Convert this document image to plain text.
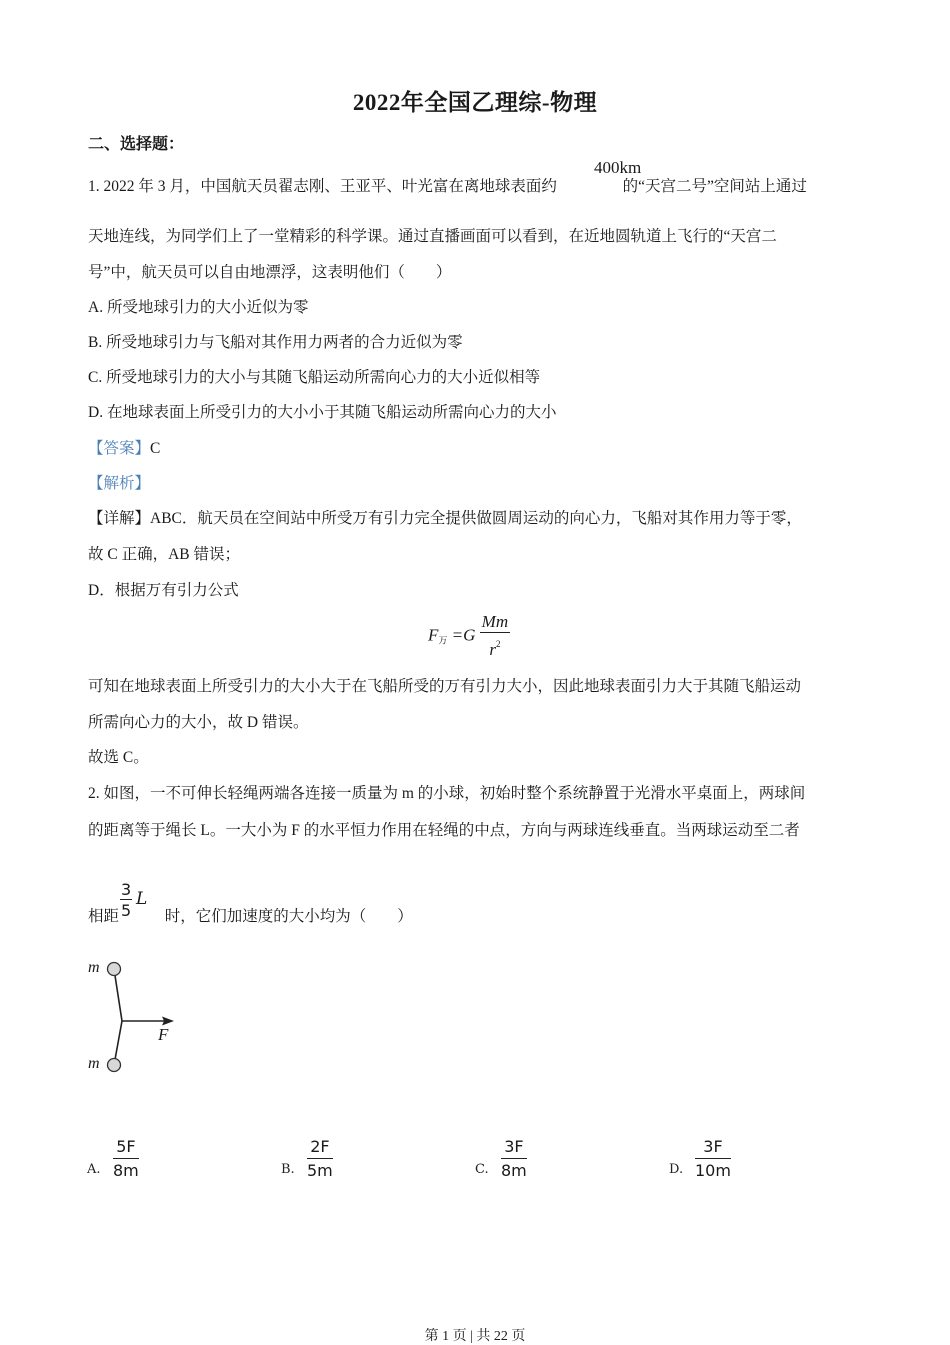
2022年全国乙理综-物理
二、选择题：
1. 2022 年 3 月，中国航天员翟志刚、王亚平、叶光富在离地球表面约	的“天宫二号”空间站上通过
400km
天地连线，为同学们上了一堂精彩的科学课。通过直播画面可以看到，在近地圆轨道上飞行的“天宫二
号”中，航天员可以自由地漂浮，这表明他们（　　）
A. 所受地球引力的大小近似为零
B. 所受地球引力与飞船对其作用力两者的合力近似为零
C. 所受地球引力的大小与其随飞船运动所需向心力的大小近似相等
D. 在地球表面上所受引力的大小小于其随飞船运动所需向心力的大小
【答案】C
【解析】
【详解】ABC．航天员在空间站中所受万有引力完全提供做圆周运动的向心力，飞船对其作用力等于零，
故 C 正确，AB 错误；
D．根据万有引力公式
$F_万 =G \frac{Mm}{r^2}$
可知在地球表面上所受引力的大小大于在飞船所受的万有引力大小，因此地球表面引力大于其随飞船运动
所需向心力的大小，故 D 错误。
故选 C。
2. 如图，一不可伸长轻绳两端各连接一质量为 m 的小球，初始时整个系统静置于光滑水平桌面上，两球间
的距离等于绳长 L。一大小为 F 的水平恒力作用在轻绳的中点，方向与两球连线垂直。当两球运动至二者
相距	时，它们加速度的大小均为（　　）
$\frac{3}{5}$ L
m
m
F
A. $\frac{5F}{8m}$	B. $\frac{2F}{5m}$	C. $\frac{3F}{8m}$	D. $\frac{3F}{10m}$
第 1 页 | 共 22 页
